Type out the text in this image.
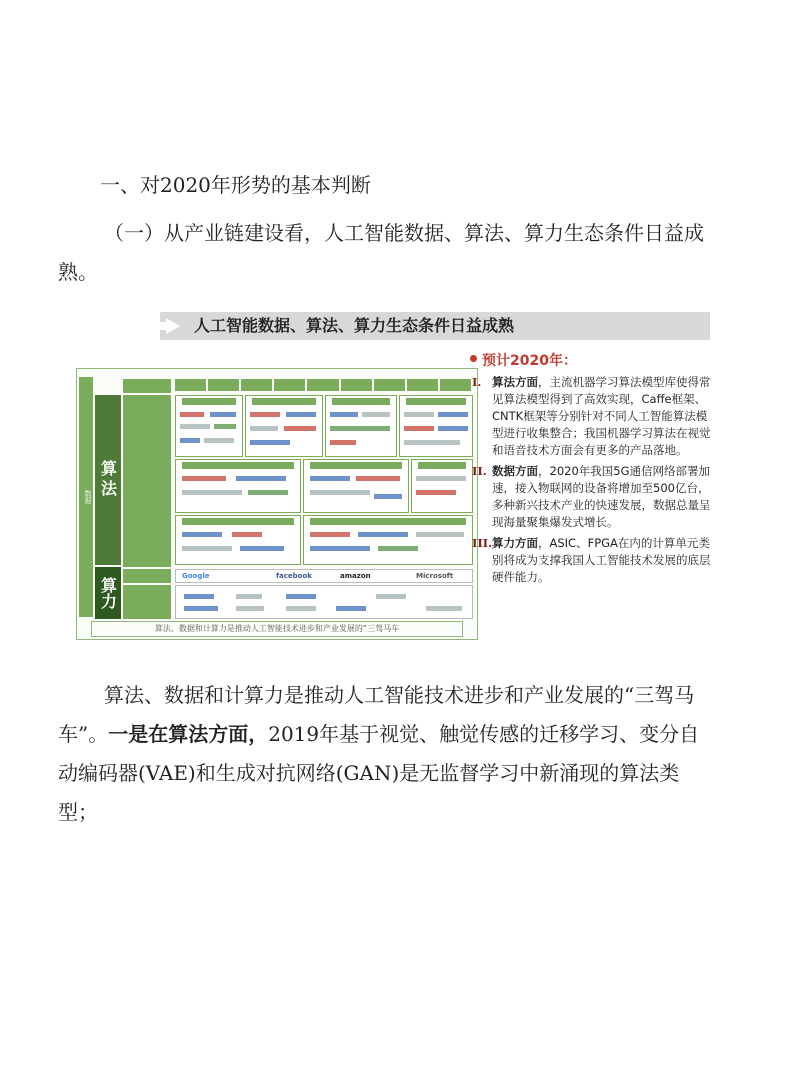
一、对2020年形势的基本判断

（一）从产业链建设看，人工智能数据、算法、算力生态条件日益成熟。

人工智能数据、算法、算力生态条件日益成熟
数据 算法
算力
Google	facebook	amazon	Microsoft
算法、数据和计算力是推动人工智能技术进步和产业发展的“三驾马车
预计2020年：
I. 算法方面，主流机器学习算法模型库使得常见算法模型得到了高效实现，Caffe框架、CNTK框架等分别针对不同人工智能算法模型进行收集整合；我国机器学习算法在视觉和语音技术方面会有更多的产品落地。
II. 数据方面，2020年我国5G通信网络部署加速，接入物联网的设备将增加至500亿台，多种新兴技术产业的快速发展，数据总量呈现海量聚集爆发式增长。
III. 算力方面，ASIC、FPGA在内的计算单元类别将成为支撑我国人工智能技术发展的底层硬件能力。

算法、数据和计算力是推动人工智能技术进步和产业发展的“三驾马车”。一是在算法方面，2019年基于视觉、触觉传感的迁移学习、变分自动编码器(VAE)和生成对抗网络(GAN)是无监督学习中新涌现的算法类型；
